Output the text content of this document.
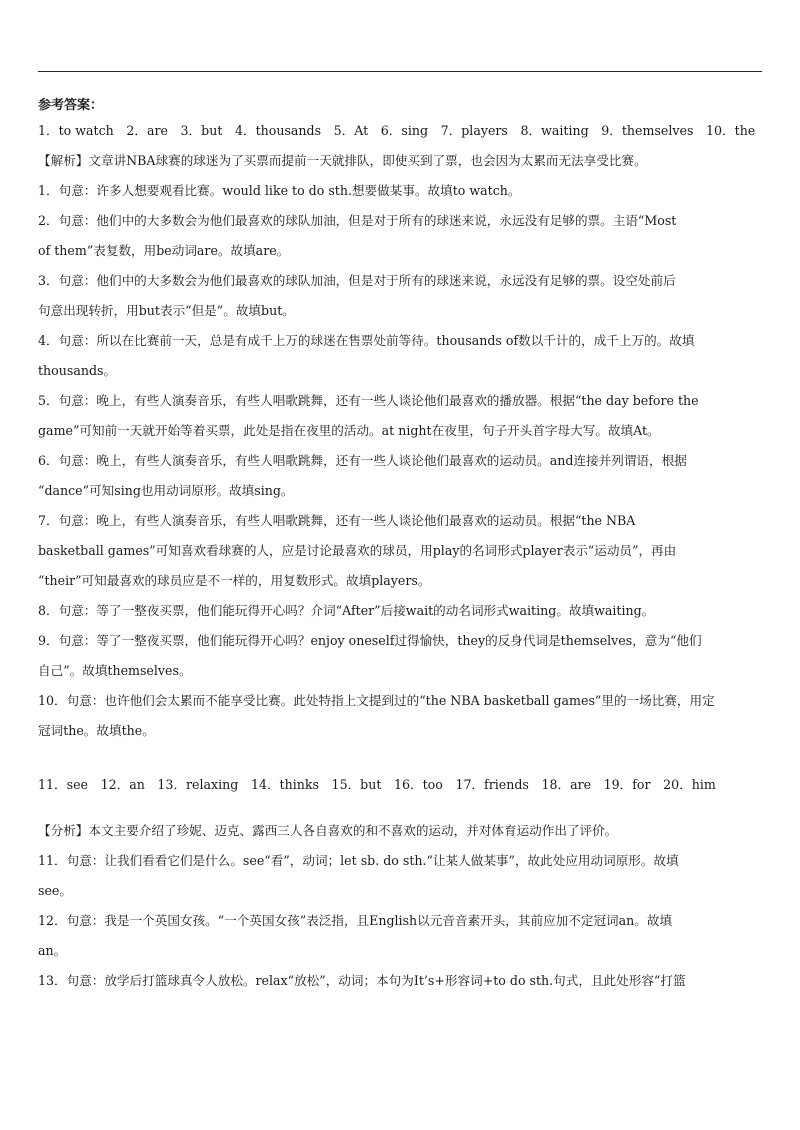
参考答案：

1．to watch　2．are　3．but　4．thousands　5．At　6．sing　7．players　8．waiting　9．themselves　10．the

【解析】文章讲NBA球赛的球迷为了买票而提前一天就排队，即使买到了票，也会因为太累而无法享受比赛。

1．句意：许多人想要观看比赛。would like to do sth.想要做某事。故填to watch。

2．句意：他们中的大多数会为他们最喜欢的球队加油，但是对于所有的球迷来说，永远没有足够的票。主语“Most

of them”表复数，用be动词are。故填are。

3．句意：他们中的大多数会为他们最喜欢的球队加油，但是对于所有的球迷来说，永远没有足够的票。设空处前后

句意出现转折，用but表示“但是”。故填but。

4．句意：所以在比赛前一天，总是有成千上万的球迷在售票处前等待。thousands of数以千计的，成千上万的。故填

thousands。

5．句意：晚上，有些人演奏音乐，有些人唱歌跳舞，还有一些人谈论他们最喜欢的播放器。根据“the day before the

game”可知前一天就开始等着买票，此处是指在夜里的活动。at night在夜里，句子开头首字母大写。故填At。

6．句意：晚上，有些人演奏音乐，有些人唱歌跳舞，还有一些人谈论他们最喜欢的运动员。and连接并列谓语，根据

“dance”可知sing也用动词原形。故填sing。

7．句意：晚上，有些人演奏音乐，有些人唱歌跳舞，还有一些人谈论他们最喜欢的运动员。根据“the NBA

basketball games”可知喜欢看球赛的人，应是讨论最喜欢的球员，用play的名词形式player表示“运动员”，再由

“their”可知最喜欢的球员应是不一样的，用复数形式。故填players。

8．句意：等了一整夜买票，他们能玩得开心吗？介词“After”后接wait的动名词形式waiting。故填waiting。

9．句意：等了一整夜买票，他们能玩得开心吗？enjoy oneself过得愉快，they的反身代词是themselves，意为“他们

自己”。故填themselves。

10．句意：也许他们会太累而不能享受比赛。此处特指上文提到过的“the NBA basketball games”里的一场比赛，用定

冠词the。故填the。

11．see　12．an　13．relaxing　14．thinks　15．but　16．too　17．friends　18．are　19．for　20．him

【分析】本文主要介绍了珍妮、迈克、露西三人各自喜欢的和不喜欢的运动，并对体育运动作出了评价。

11．句意：让我们看看它们是什么。see“看”，动词；let sb. do sth.“让某人做某事”，故此处应用动词原形。故填

see。

12．句意：我是一个英国女孩。“一个英国女孩”表泛指，且English以元音音素开头，其前应加不定冠词an。故填

an。

13．句意：放学后打篮球真令人放松。relax“放松”，动词；本句为It’s+形容词+to do sth.句式，且此处形容“打篮
